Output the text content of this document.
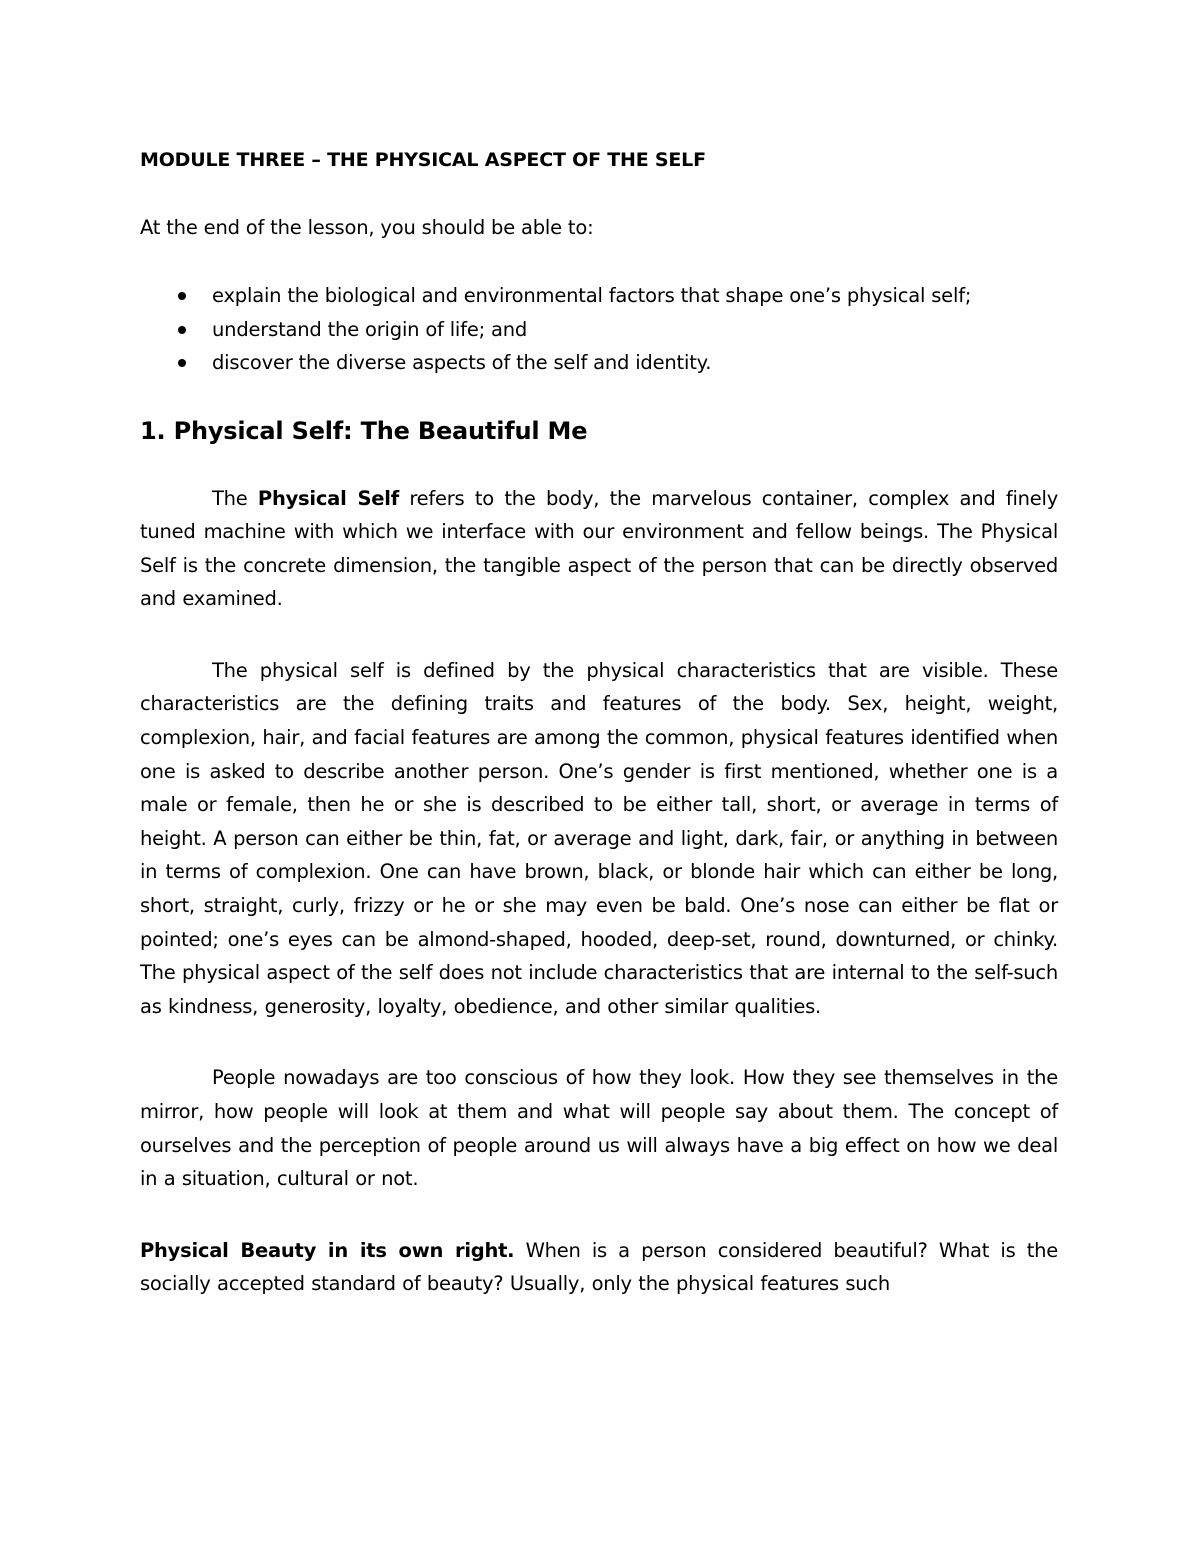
MODULE THREE – THE PHYSICAL ASPECT OF THE SELF

At the end of the lesson, you should be able to:

explain the biological and environmental factors that shape one’s physical self;
understand the origin of life; and
discover the diverse aspects of the self and identity.
1. Physical Self: The Beautiful Me

The Physical Self refers to the body, the marvelous container, complex and finely tuned machine with which we interface with our environment and fellow beings. The Physical Self is the concrete dimension, the tangible aspect of the person that can be directly observed and examined.

The physical self is defined by the physical characteristics that are visible. These characteristics are the defining traits and features of the body. Sex, height, weight, complexion, hair, and facial features are among the common, physical features identified when one is asked to describe another person. One’s gender is first mentioned, whether one is a male or female, then he or she is described to be either tall, short, or average in terms of height. A person can either be thin, fat, or average and light, dark, fair, or anything in between in terms of complexion. One can have brown, black, or blonde hair which can either be long, short, straight, curly, frizzy or he or she may even be bald. One’s nose can either be flat or pointed; one’s eyes can be almond-shaped, hooded, deep-set, round, downturned, or chinky. The physical aspect of the self does not include characteristics that are internal to the self-such as kindness, generosity, loyalty, obedience, and other similar qualities.

People nowadays are too conscious of how they look. How they see themselves in the mirror, how people will look at them and what will people say about them. The concept of ourselves and the perception of people around us will always have a big effect on how we deal in a situation, cultural or not.

Physical Beauty in its own right. When is a person considered beautiful? What is the socially accepted standard of beauty? Usually, only the physical features such
